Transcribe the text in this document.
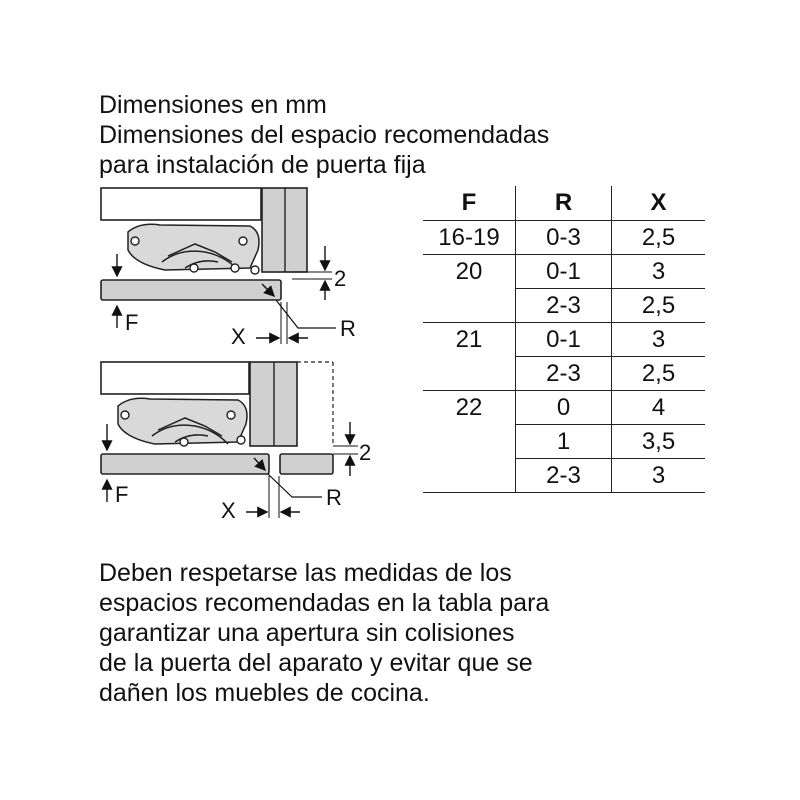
Dimensiones en mm
Dimensiones del espacio recomendadas
para instalación de puerta fija
F
2
X	R
F
2
X
R
F	R	X
16-19	0-3	2,5
20	0-1	3
	2-3	2,5
21	0-1	3
	2-3	2,5
22	0	4
	1	3,5
	2-3	3
Deben respetarse las medidas de los
espacios recomendadas en la tabla para
garantizar una apertura sin colisiones
de la puerta del aparato y evitar que se
dañen los muebles de cocina.
